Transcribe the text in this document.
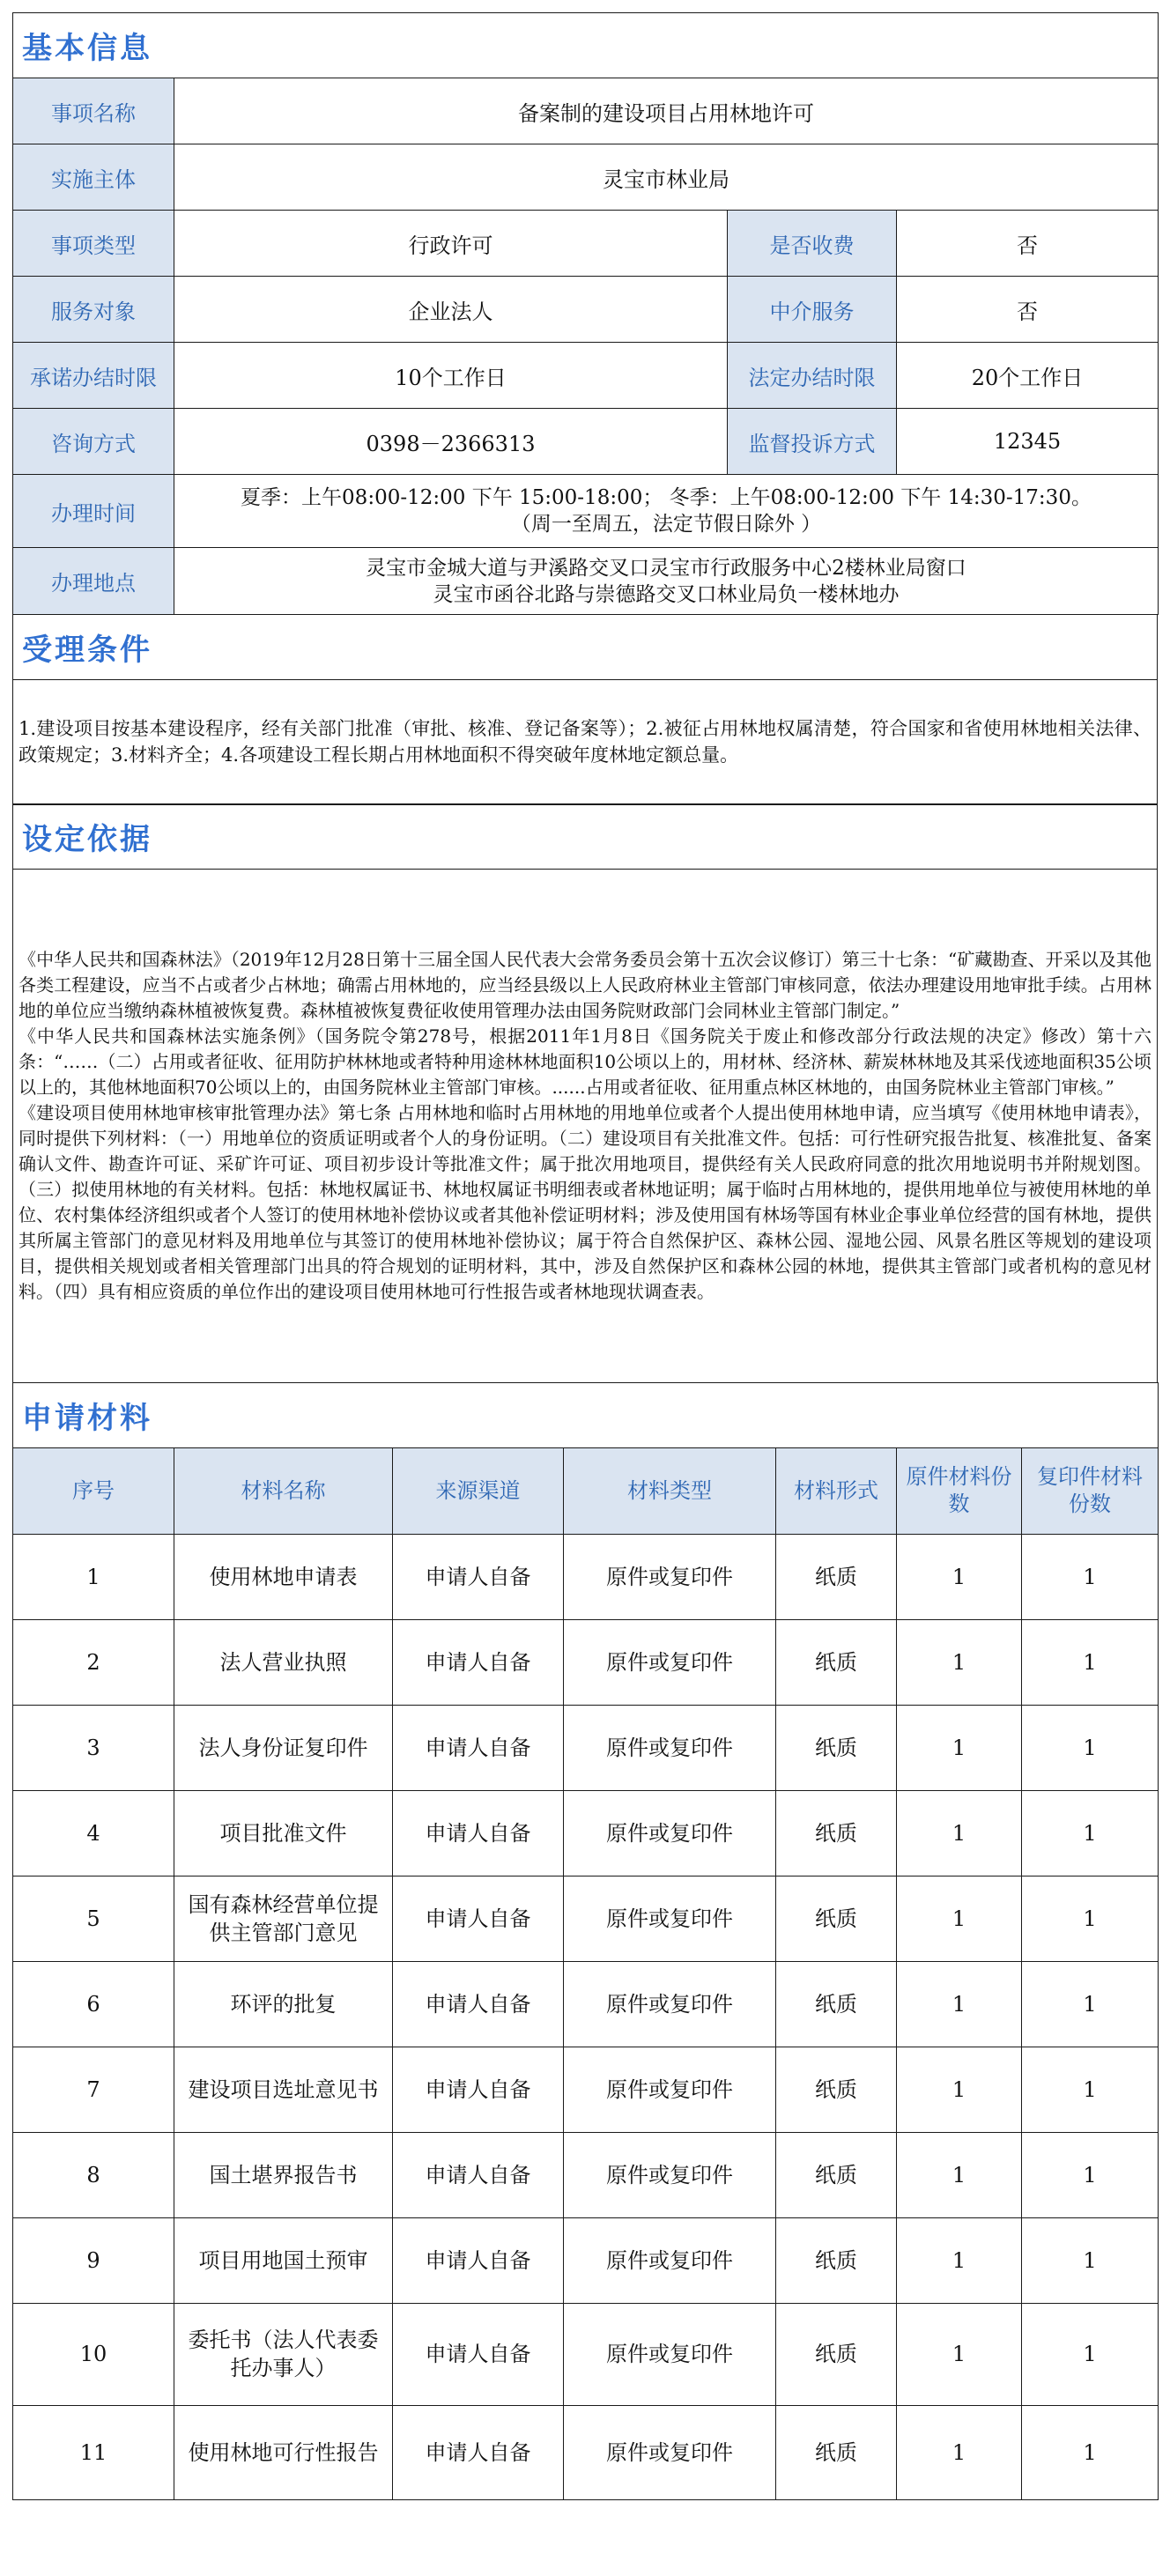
基本信息			
事项名称	备案制的建设项目占用林地许可		
实施主体	灵宝市林业局		
事项类型	行政许可	是否收费	否
服务对象	企业法人	中介服务	否
承诺办结时限	10个工作日	法定办结时限	20个工作日
咨询方式	0398－2366313	监督投诉方式	12345
办理时间	夏季：上午08:00-12:00 下午 15:00-18:00； 冬季：上午08:00-12:00 下午 14:30-17:30。
（周一至周五，法定节假日除外 ）		

办理地点	灵宝市金城大道与尹溪路交叉口灵宝市行政服务中心2楼林业局窗口
灵宝市函谷北路与崇德路交叉口林业局负一楼林地办		
受理条件

1.建设项目按基本建设程序，经有关部门批准（审批、核准、登记备案等）；2.被征占用林地权属清楚，符合国家和省使用林地相关法律、政策规定；3.材料齐全；4.各项建设工程长期占用林地面积不得突破年度林地定额总量。

设定依据

《中华人民共和国森林法》（2019年12月28日第十三届全国人民代表大会常务委员会第十五次会议修订）第三十七条：“矿藏勘查、开采以及其他各类工程建设，应当不占或者少占林地；确需占用林地的，应当经县级以上人民政府林业主管部门审核同意，依法办理建设用地审批手续。占用林地的单位应当缴纳森林植被恢复费。森林植被恢复费征收使用管理办法由国务院财政部门会同林业主管部门制定。”

《中华人民共和国森林法实施条例》（国务院令第278号，根据2011年1月8日《国务院关于废止和修改部分行政法规的决定》修改）第十六条：“……（二）占用或者征收、征用防护林林地或者特种用途林林地面积10公顷以上的，用材林、经济林、薪炭林林地及其采伐迹地面积35公顷以上的，其他林地面积70公顷以上的，由国务院林业主管部门审核。......占用或者征收、征用重点林区林地的，由国务院林业主管部门审核。”

《建设项目使用林地审核审批管理办法》第七条 占用林地和临时占用林地的用地单位或者个人提出使用林地申请，应当填写《使用林地申请表》，同时提供下列材料：（一）用地单位的资质证明或者个人的身份证明。（二）建设项目有关批准文件。包括：可行性研究报告批复、核准批复、备案确认文件、勘查许可证、采矿许可证、项目初步设计等批准文件；属于批次用地项目，提供经有关人民政府同意的批次用地说明书并附规划图。（三）拟使用林地的有关材料。包括：林地权属证书、林地权属证书明细表或者林地证明；属于临时占用林地的，提供用地单位与被使用林地的单位、农村集体经济组织或者个人签订的使用林地补偿协议或者其他补偿证明材料；涉及使用国有林场等国有林业企事业单位经营的国有林地，提供其所属主管部门的意见材料及用地单位与其签订的使用林地补偿协议；属于符合自然保护区、森林公园、湿地公园、风景名胜区等规划的建设项目，提供相关规划或者相关管理部门出具的符合规划的证明材料，其中，涉及自然保护区和森林公园的林地，提供其主管部门或者机构的意见材料。（四）具有相应资质的单位作出的建设项目使用林地可行性报告或者林地现状调查表。

申请材料						
序号	材料名称	来源渠道	材料类型	材料形式	原件材料份数	复印件材料份数
1	使用林地申请表	申请人自备	原件或复印件	纸质	1	1
2	法人营业执照	申请人自备	原件或复印件	纸质	1	1
3	法人身份证复印件	申请人自备	原件或复印件	纸质	1	1
4	项目批准文件	申请人自备	原件或复印件	纸质	1	1
5	国有森林经营单位提供主管部门意见	申请人自备	原件或复印件	纸质	1	1
6	环评的批复	申请人自备	原件或复印件	纸质	1	1
7	建设项目选址意见书	申请人自备	原件或复印件	纸质	1	1
8	国土堪界报告书	申请人自备	原件或复印件	纸质	1	1
9	项目用地国土预审	申请人自备	原件或复印件	纸质	1	1
10	委托书（法人代表委托办事人）	申请人自备	原件或复印件	纸质	1	1
11	使用林地可行性报告	申请人自备	原件或复印件	纸质	1	1
